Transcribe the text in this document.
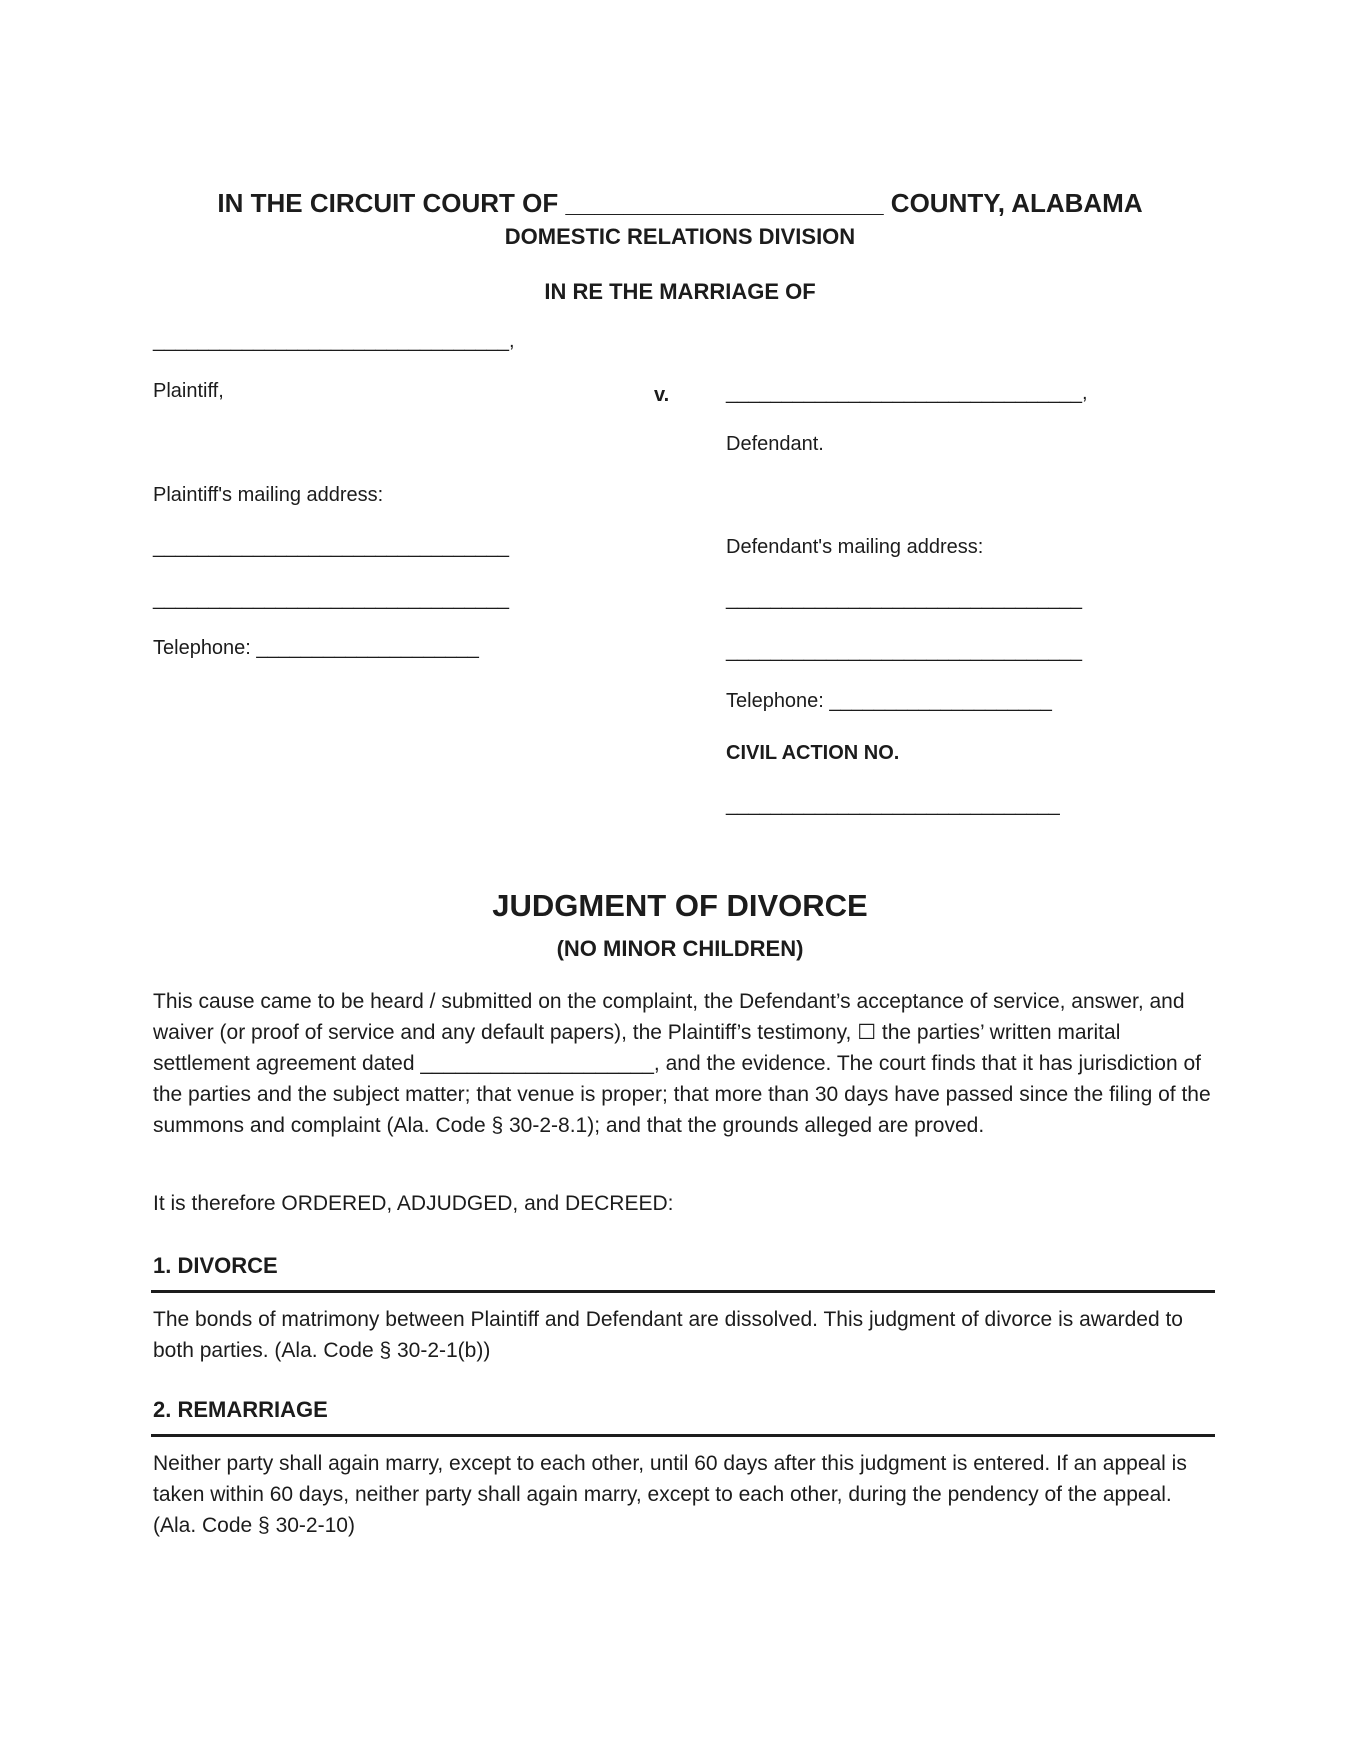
IN THE CIRCUIT COURT OF ______________________ COUNTY, ALABAMA
DOMESTIC RELATIONS DIVISION
IN RE THE MARRIAGE OF
________________________________,
Plaintiff,
Plaintiff's mailing address:
________________________________
________________________________
Telephone: ____________________
v.	________________________________,
Defendant.
Defendant's mailing address:
________________________________
________________________________
Telephone: ____________________
CIVIL ACTION NO.
______________________________
JUDGMENT OF DIVORCE
(NO MINOR CHILDREN)
This cause came to be heard / submitted on the complaint, the Defendant’s acceptance of service, answer, and waiver (or proof of service and any default papers), the Plaintiff’s testimony, ☐ the parties’ written marital settlement agreement dated ____________________, and the evidence. The court finds that it has jurisdiction of the parties and the subject matter; that venue is proper; that more than 30 days have passed since the filing of the summons and complaint (Ala. Code § 30-2-8.1); and that the grounds alleged are proved.
It is therefore ORDERED, ADJUDGED, and DECREED:
1. DIVORCE
The bonds of matrimony between Plaintiff and Defendant are dissolved. This judgment of divorce is awarded to both parties. (Ala. Code § 30-2-1(b))
2. REMARRIAGE
Neither party shall again marry, except to each other, until 60 days after this judgment is entered. If an appeal is taken within 60 days, neither party shall again marry, except to each other, during the pendency of the appeal. (Ala. Code § 30-2-10)
